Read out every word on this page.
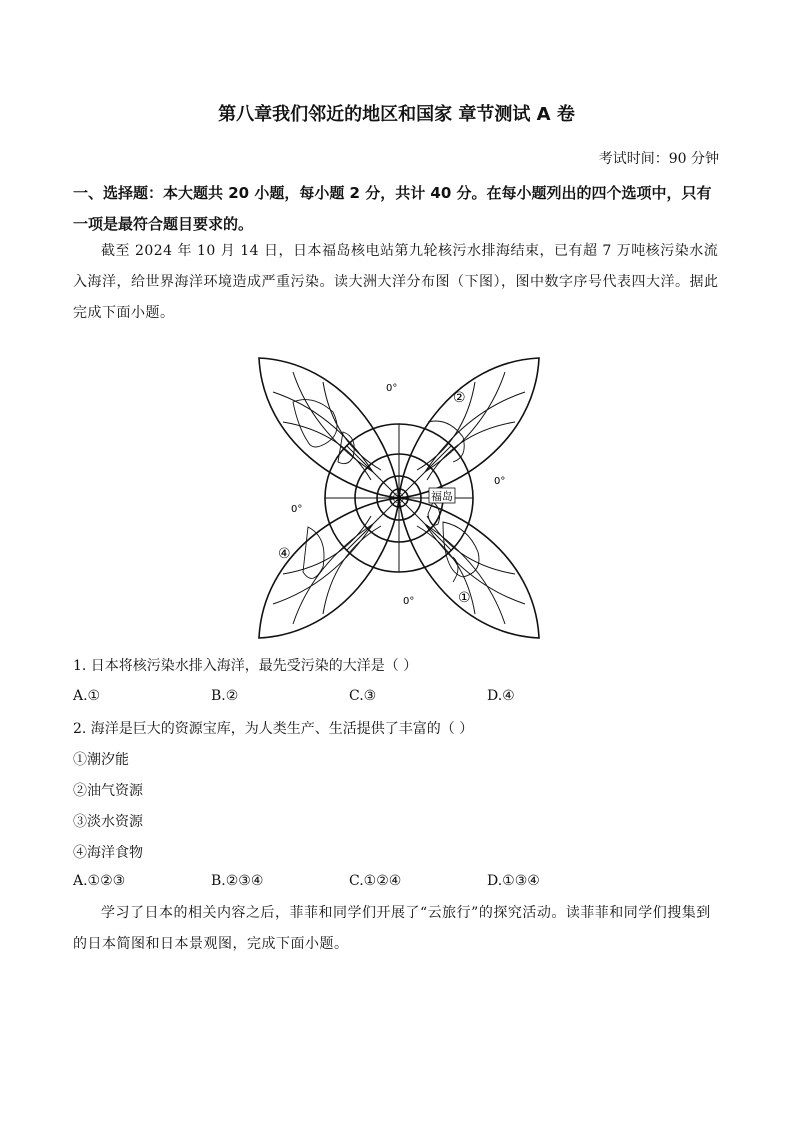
第八章我们邻近的地区和国家 章节测试 A 卷
考试时间：90 分钟
一、选择题：本大题共 20 小题，每小题 2 分，共计 40 分。在每小题列出的四个选项中，只有一项是最符合题目要求的。
截至 2024 年 10 月 14 日，日本福岛核电站第九轮核污水排海结束，已有超 7 万吨核污染水流入海洋，给世界海洋环境造成严重污染。读大洲大洋分布图（下图），图中数字序号代表四大洋。据此完成下面小题。
②
③
④
①
福岛
0°
0°
0°
0°
1. 日本将核污染水排入海洋，最先受污染的大洋是（ ）
A.①	B.②	C.③	D.④
2. 海洋是巨大的资源宝库，为人类生产、生活提供了丰富的（ ）
①潮汐能
②油气资源
③淡水资源
④海洋食物
A.①②③	B.②③④	C.①②④	D.①③④
学习了日本的相关内容之后，菲菲和同学们开展了“云旅行”的探究活动。读菲菲和同学们搜集到的日本简图和日本景观图，完成下面小题。
